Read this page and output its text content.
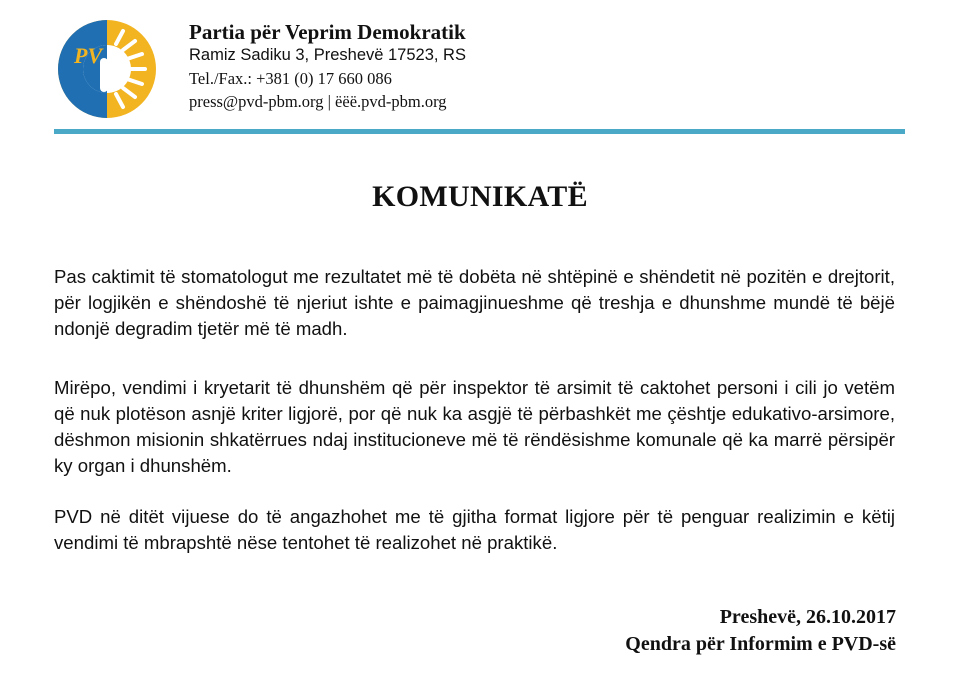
PV
Partia për Veprim Demokratik
Ramiz Sadiku 3, Preshevë 17523, RS
Tel./Fax.: +381 (0) 17 660 086
press@pvd-pbm.org | ëëë.pvd-pbm.org
KOMUNIKATË
Pas caktimit të stomatologut me rezultatet më të dobëta në shtëpinë e shëndetit në pozitën e drejtorit, për logjikën e shëndoshë të njeriut ishte e paimagjinueshme që treshja e dhunshme mundë të bëjë ndonjë degradim tjetër më të madh.
Mirëpo, vendimi i kryetarit të dhunshëm që për inspektor të arsimit të caktohet personi i cili jo vetëm që nuk plotëson asnjë kriter ligjorë, por që nuk ka asgjë të përbashkët me çështje edukativo-arsimore, dëshmon misionin shkatërrues ndaj institucioneve më të rëndësishme komunale që ka marrë përsipër ky organ i dhunshëm.
PVD në ditët vijuese do të angazhohet me të gjitha format ligjore për të penguar realizimin e këtij vendimi të mbrapshtë nëse tentohet të realizohet në praktikë.
Preshevë, 26.10.2017
Qendra për Informim e PVD-së
